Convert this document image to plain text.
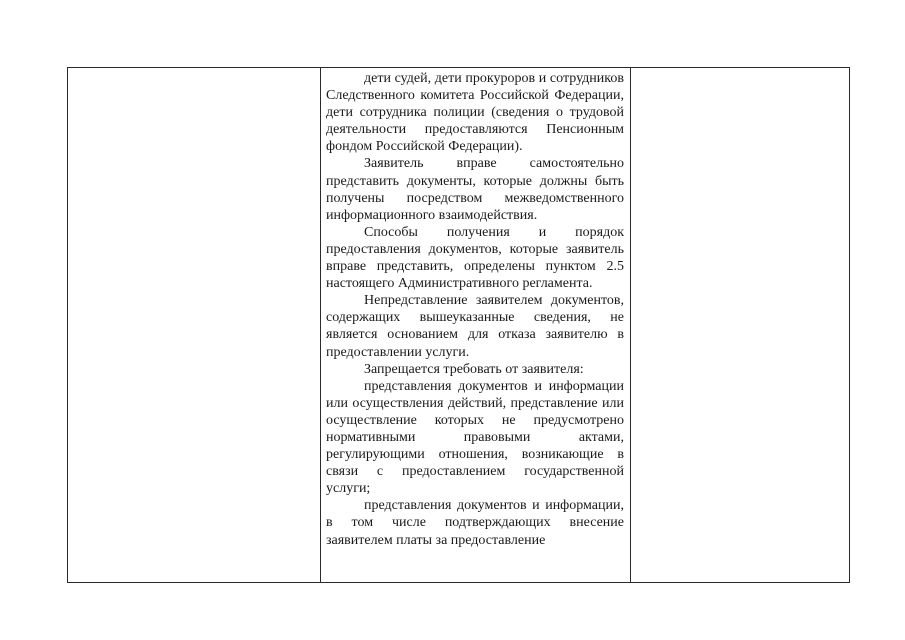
дети судей, дети прокуроров и сотрудников Следственного комитета Российской Федерации, дети сотрудника полиции (сведения о трудовой деятельности предоставляются Пенсионным фондом Российской Федерации).

Заявитель вправе самостоятельно представить документы, которые должны быть получены посредством межведомственного информационного взаимодействия.

Способы получения и порядок предоставления документов, которые заявитель вправе представить, определены пунктом 2.5 настоящего Административного регламента.

Непредставление заявителем документов, содержащих вышеуказанные сведения, не является основанием для отказа заявителю в предоставлении услуги.

Запрещается требовать от заявителя:

представления документов и информации или осуществления действий, представление или осуществление которых не предусмотрено нормативными правовыми актами, регулирующими отношения, возникающие в связи с предоставлением государственной услуги;

представления документов и информации, в том числе подтверждающих внесение заявителем платы за предоставление
